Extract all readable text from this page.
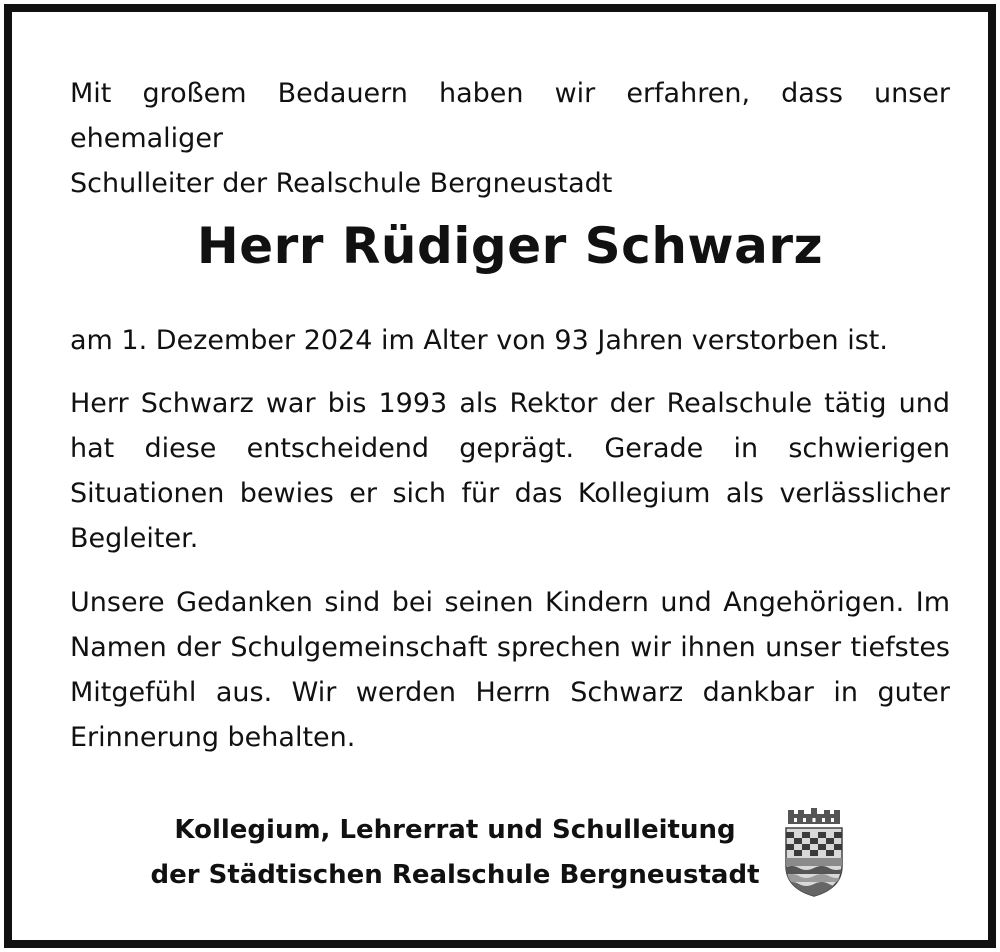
Mit großem Bedauern haben wir erfahren, dass unser ehemaliger
Schulleiter der Realschule Bergneustadt

Herr Rüdiger Schwarz

am 1. Dezember 2024 im Alter von 93 Jahren verstorben ist.

Herr Schwarz war bis 1993 als Rektor der Realschule tätig und hat diese entscheidend geprägt. Gerade in schwierigen Situationen bewies er sich für das Kollegium als verlässlicher Begleiter.

Unsere Gedanken sind bei seinen Kindern und Angehörigen. Im Namen der Schulgemeinschaft sprechen wir ihnen unser tiefstes Mitgefühl aus. Wir werden Herrn Schwarz dankbar in guter Erinnerung behalten.

Kollegium, Lehrerrat und Schulleitung
der Städtischen Realschule Bergneustadt
